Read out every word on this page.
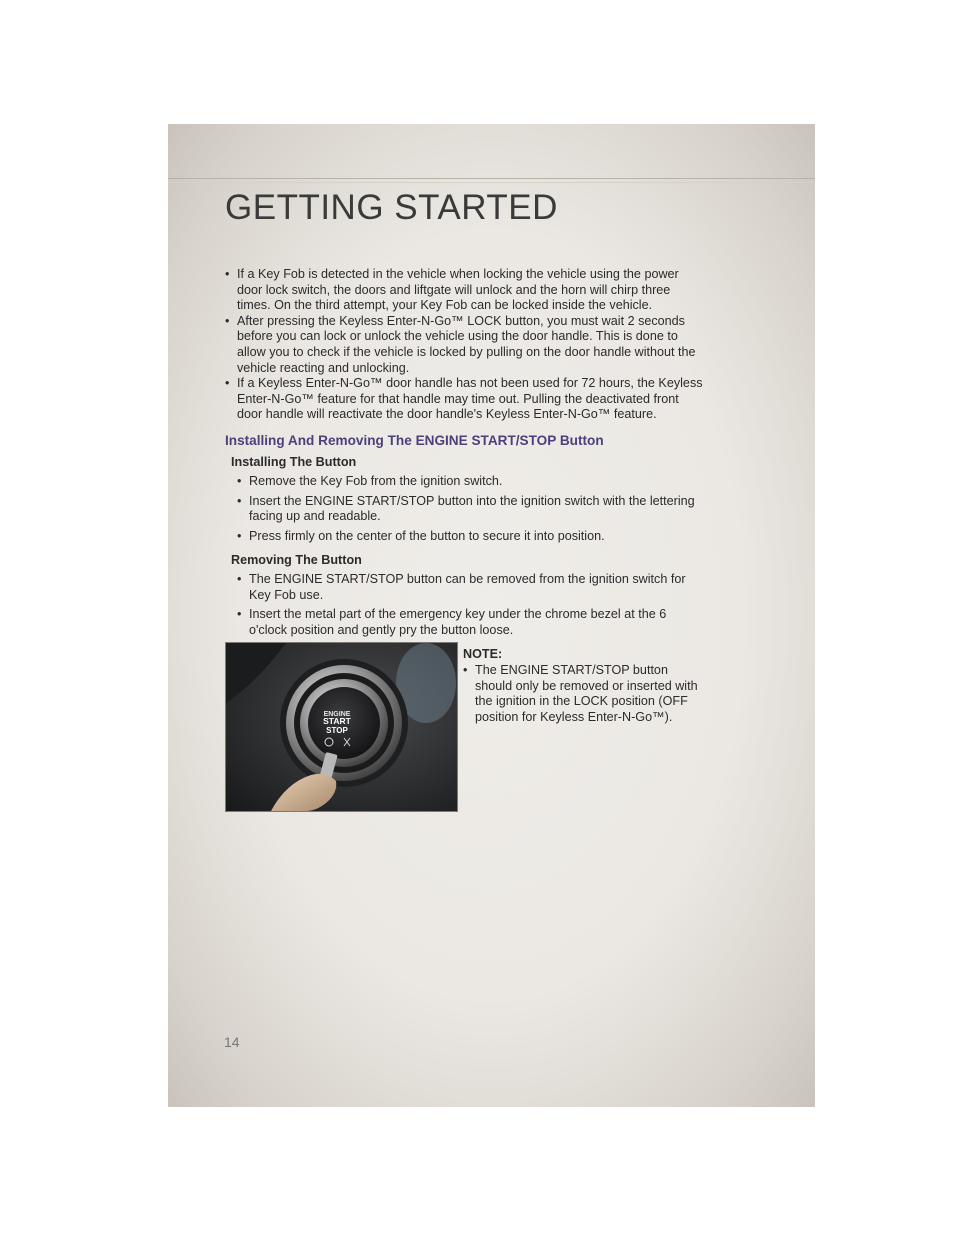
GETTING STARTED
• If a Key Fob is detected in the vehicle when locking the vehicle using the power door lock switch, the doors and liftgate will unlock and the horn will chirp three times. On the third attempt, your Key Fob can be locked inside the vehicle.
• After pressing the Keyless Enter-N-Go™ LOCK button, you must wait 2 seconds before you can lock or unlock the vehicle using the door handle. This is done to allow you to check if the vehicle is locked by pulling on the door handle without the vehicle reacting and unlocking.
• If a Keyless Enter-N-Go™ door handle has not been used for 72 hours, the Keyless Enter-N-Go™ feature for that handle may time out. Pulling the deactivated front door handle will reactivate the door handle's Keyless Enter-N-Go™ feature.
Installing And Removing The ENGINE START/STOP Button
Installing The Button
• Remove the Key Fob from the ignition switch.
• Insert the ENGINE START/STOP button into the ignition switch with the lettering facing up and readable.
• Press firmly on the center of the button to secure it into position.
Removing The Button
• The ENGINE START/STOP button can be removed from the ignition switch for Key Fob use.
• Insert the metal part of the emergency key under the chrome bezel at the 6 o'clock position and gently pry the button loose.
ENGINE
START
STOP
NOTE:
• The ENGINE START/STOP button should only be removed or inserted with the ignition in the LOCK position (OFF position for Keyless Enter-N-Go™).
14
